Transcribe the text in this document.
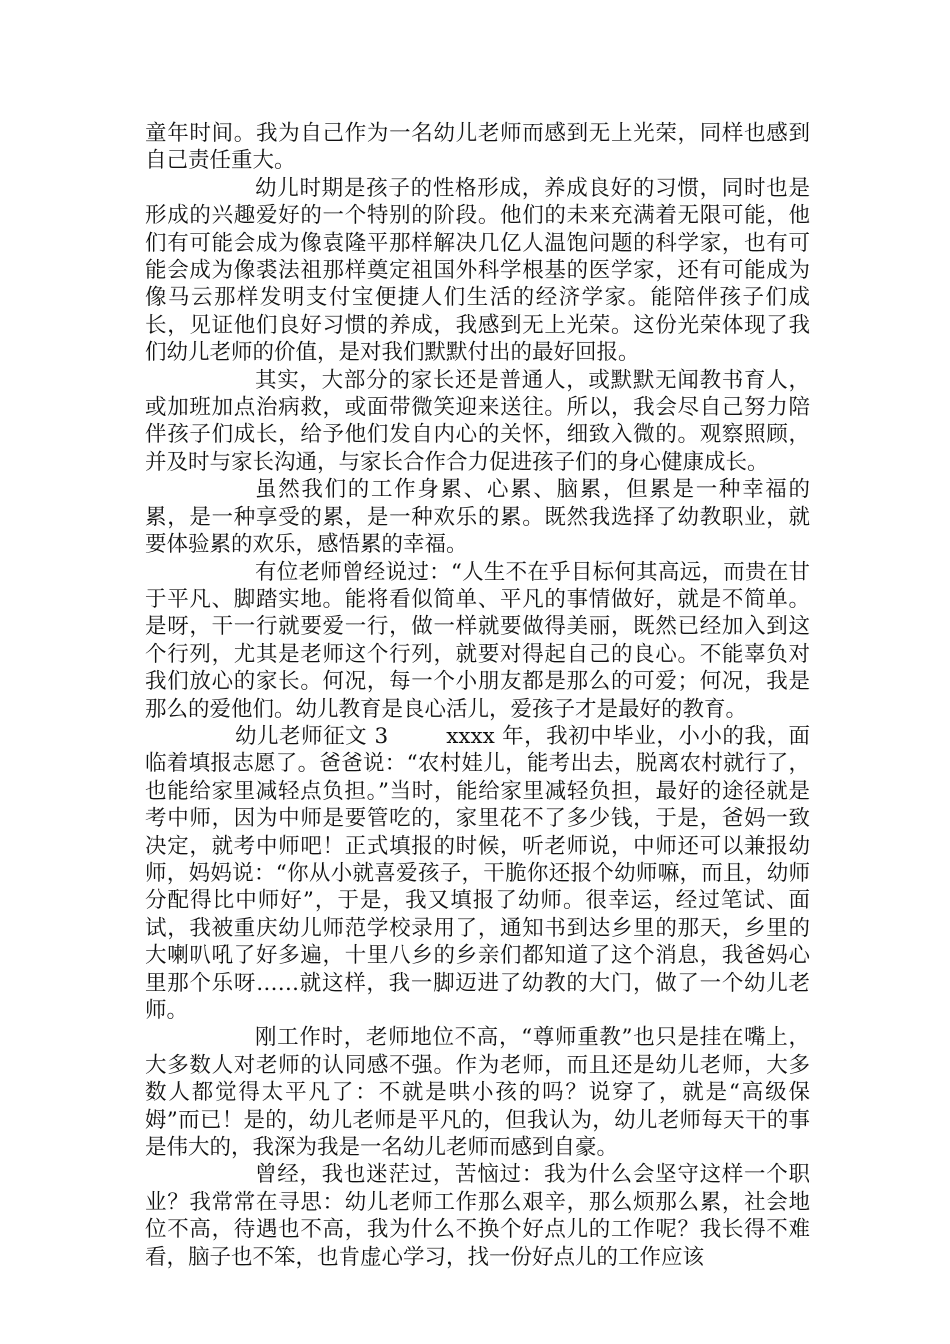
童年时间。我为自己作为一名幼儿老师而感到无上光荣，同样也感到自己责任重大。

幼儿时期是孩子的性格形成，养成良好的习惯，同时也是形成的兴趣爱好的一个特别的阶段。他们的未来充满着无限可能，他们有可能会成为像袁隆平那样解决几亿人温饱问题的科学家，也有可能会成为像裘法祖那样奠定祖国外科学根基的医学家，还有可能成为像马云那样发明支付宝便捷人们生活的经济学家。能陪伴孩子们成长，见证他们良好习惯的养成，我感到无上光荣。这份光荣体现了我们幼儿老师的价值，是对我们默默付出的最好回报。

其实，大部分的家长还是普通人，或默默无闻教书育人，或加班加点治病救，或面带微笑迎来送往。所以，我会尽自己努力陪伴孩子们成长，给予他们发自内心的关怀，细致入微的。观察照顾，并及时与家长沟通，与家长合作合力促进孩子们的身心健康成长。

虽然我们的工作身累、心累、脑累，但累是一种幸福的累，是一种享受的累，是一种欢乐的累。既然我选择了幼教职业，就要体验累的欢乐，感悟累的幸福。

有位老师曾经说过：“人生不在乎目标何其高远，而贵在甘于平凡、脚踏实地。能将看似简单、平凡的事情做好，就是不简单。是呀，干一行就要爱一行，做一样就要做得美丽，既然已经加入到这个行列，尤其是老师这个行列，就要对得起自己的良心。不能辜负对我们放心的家长。何况，每一个小朋友都是那么的可爱；何况，我是那么的爱他们。幼儿教育是良心活儿，爱孩子才是最好的教育。

幼儿老师征文 3	xxxx 年，我初中毕业，小小的我，面临着填报志愿了。爸爸说：“农村娃儿，能考出去，脱离农村就行了，也能给家里减轻点负担。”当时，能给家里减轻负担，最好的途径就是考中师，因为中师是要管吃的，家里花不了多少钱，于是，爸妈一致决定，就考中师吧！正式填报的时候，听老师说，中师还可以兼报幼师，妈妈说：“你从小就喜爱孩子，干脆你还报个幼师嘛，而且，幼师分配得比中师好”，于是，我又填报了幼师。很幸运，经过笔试、面试，我被重庆幼儿师范学校录用了，通知书到达乡里的那天，乡里的大喇叭吼了好多遍，十里八乡的乡亲们都知道了这个消息，我爸妈心里那个乐呀……就这样，我一脚迈进了幼教的大门，做了一个幼儿老师。

刚工作时，老师地位不高，“尊师重教”也只是挂在嘴上，大多数人对老师的认同感不强。作为老师，而且还是幼儿老师，大多数人都觉得太平凡了：不就是哄小孩的吗？说穿了，就是“高级保姆”而已！是的，幼儿老师是平凡的，但我认为，幼儿老师每天干的事是伟大的，我深为我是一名幼儿老师而感到自豪。

曾经，我也迷茫过，苦恼过：我为什么会坚守这样一个职业？我常常在寻思：幼儿老师工作那么艰辛，那么烦那么累，社会地位不高，待遇也不高，我为什么不换个好点儿的工作呢？我长得不难看，脑子也不笨，也肯虚心学习，找一份好点儿的工作应该
